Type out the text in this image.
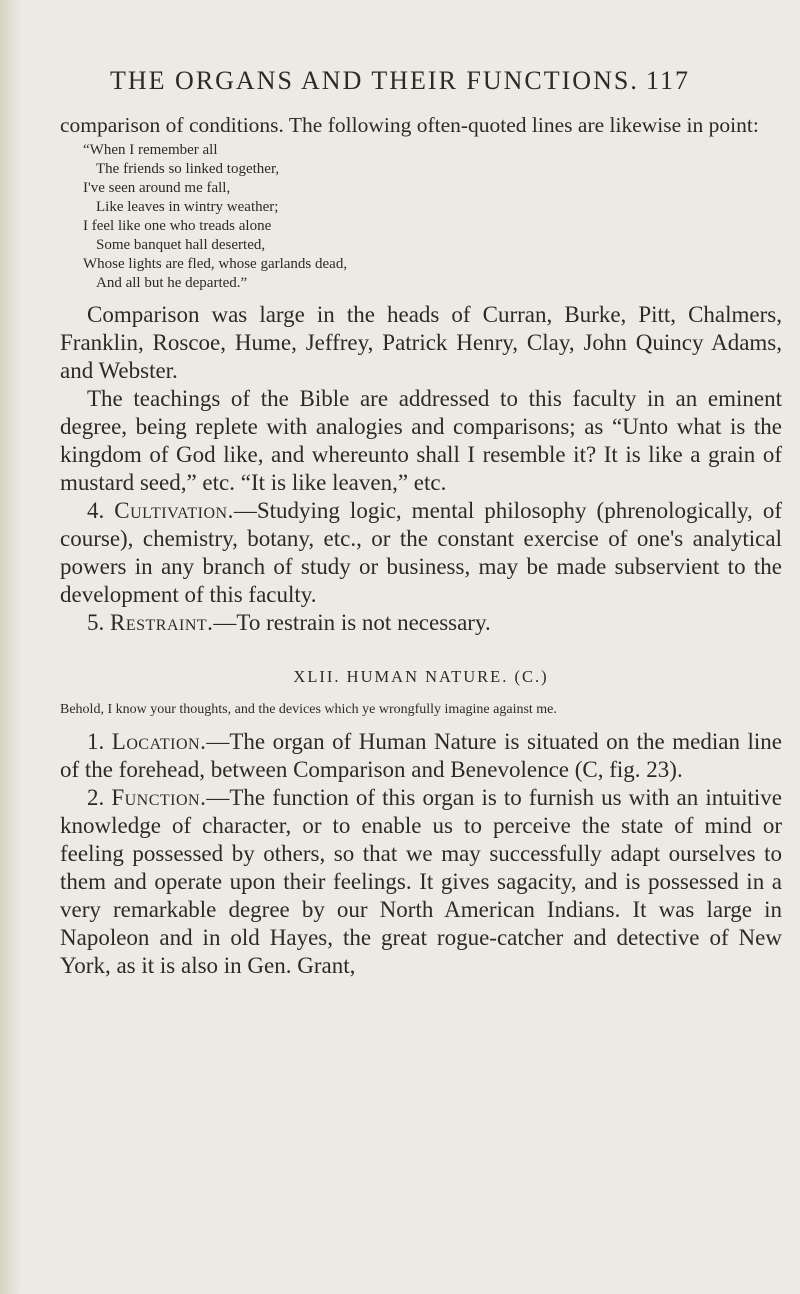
THE ORGANS AND THEIR FUNCTIONS. 117

comparison of conditions. The following often-quoted lines are likewise in point:

“When I remember all
The friends so linked together,
I've seen around me fall,
Like leaves in wintry weather;
I feel like one who treads alone
Some banquet hall deserted,
Whose lights are fled, whose garlands dead,
And all but he departed.”

Comparison was large in the heads of Curran, Burke, Pitt, Chalmers, Franklin, Roscoe, Hume, Jeffrey, Patrick Henry, Clay, John Quincy Adams, and Webster.

The teachings of the Bible are addressed to this faculty in an eminent degree, being replete with analogies and comparisons; as “Unto what is the kingdom of God like, and whereunto shall I resemble it? It is like a grain of mustard seed,” etc. “It is like leaven,” etc.

4. Cultivation.—Studying logic, mental philosophy (phrenologically, of course), chemistry, botany, etc., or the constant exercise of one's analytical powers in any branch of study or business, may be made subservient to the development of this faculty.

5. Restraint.—To restrain is not necessary.

XLII. HUMAN NATURE. (C.)

Behold, I know your thoughts, and the devices which ye wrongfully imagine against me.

1. Location.—The organ of Human Nature is situated on the median line of the forehead, between Comparison and Benevolence (C, fig. 23).

2. Function.—The function of this organ is to furnish us with an intuitive knowledge of character, or to enable us to perceive the state of mind or feeling possessed by others, so that we may successfully adapt ourselves to them and operate upon their feelings. It gives sagacity, and is possessed in a very remarkable degree by our North American Indians. It was large in Napoleon and in old Hayes, the great rogue-catcher and detective of New York, as it is also in Gen. Grant,
